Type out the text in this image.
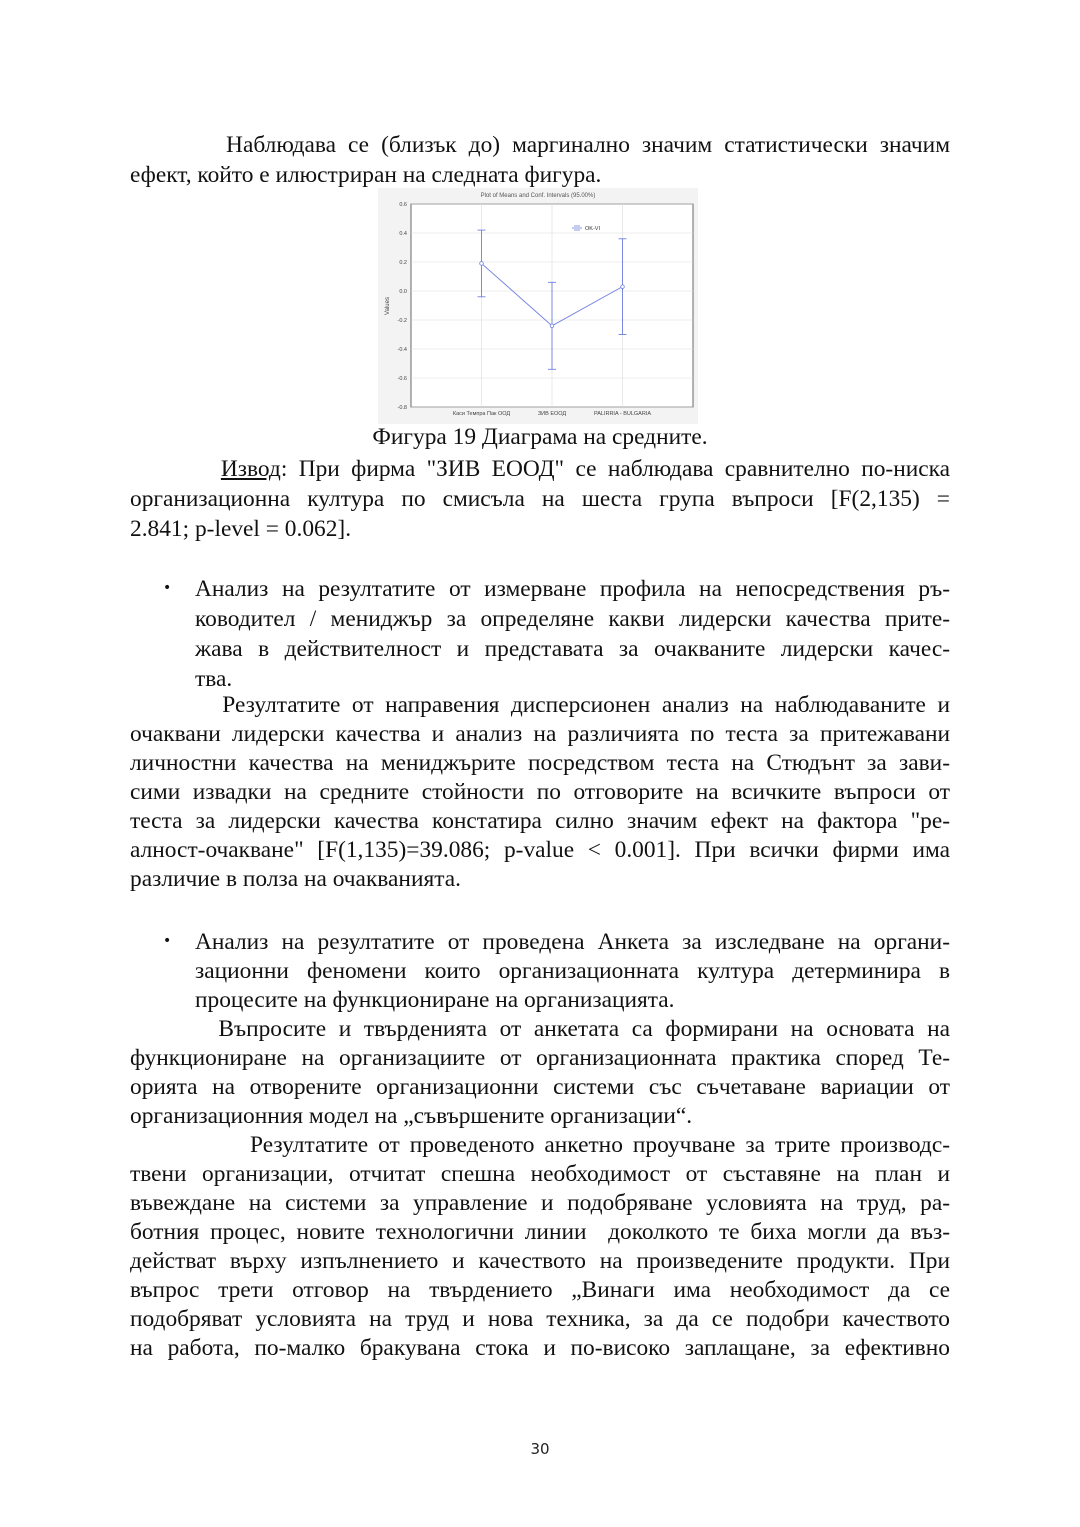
Наблюдава се (близък до) маргинално значим статистически значим
ефект, който е илюстриран на следната фигура.
Plot of Means and Conf. Intervals (95.00%)
0.6
0.4
0.2
0.0
-0.2
-0.4
-0.6
-0.8
Каси Темпра Пак ООД	ЗИВ ЕООД	PALIRRIA - BULGARIA
Values
OK-VI
Фигура 19 Диаграма на средните.
Извод: При фирма "ЗИВ ЕООД" се наблюдава сравнително по-ниска
организационна култура по смисъла на шеста група въпроси [F(2,135) =
2.841; p-level = 0.062].
• Анализ на резултатите от измерване профила на непосредствения ръ-
ководител / мениджър за определяне какви лидерски качества прите-
жава в действителност и представата за очакваните лидерски качес-
тва.
Резултатите от направения дисперсионен анализ на наблюдаваните и
очаквани лидерски качества и анализ на различията по теста за притежавани
личностни качества на мениджърите посредством теста на Стюдънт за зави-
сими извадки на средните стойности по отговорите на всичките въпроси от
теста за лидерски качества констатира силно значим ефект на фактора "ре-
алност-очакване" [F(1,135)=39.086; p-value < 0.001]. При всички фирми има
различие в полза на очакванията.
• Анализ на резултатите от проведена Анкета за изследване на органи-
зационни феномени които организационната култура детерминира в
процесите на функциониране на организацията.
Въпросите и твърденията от анкетата са формирани на основата на
функциониране на организациите от организационната практика според Те-
орията на отворените организационни системи със съчетаване вариации от
организационния модел на „съвършените организации“.
Резултатите от проведеното анкетно проучване за трите производс-
твени организации, отчитат спешна необходимост от съставяне на план и
въвеждане на системи за управление и подобряване условията на труд, ра-
ботния процес, новите технологични линии  доколкото те биха могли да въз-
действат върху изпълнението и качеството на произведените продукти. При
въпрос трети отговор на твърдението „Винаги има необходимост да се
подобряват условията на труд и нова техника, за да се подобри качеството
на работа, по-малко бракувана стока и по-високо заплащане, за ефективно
30
